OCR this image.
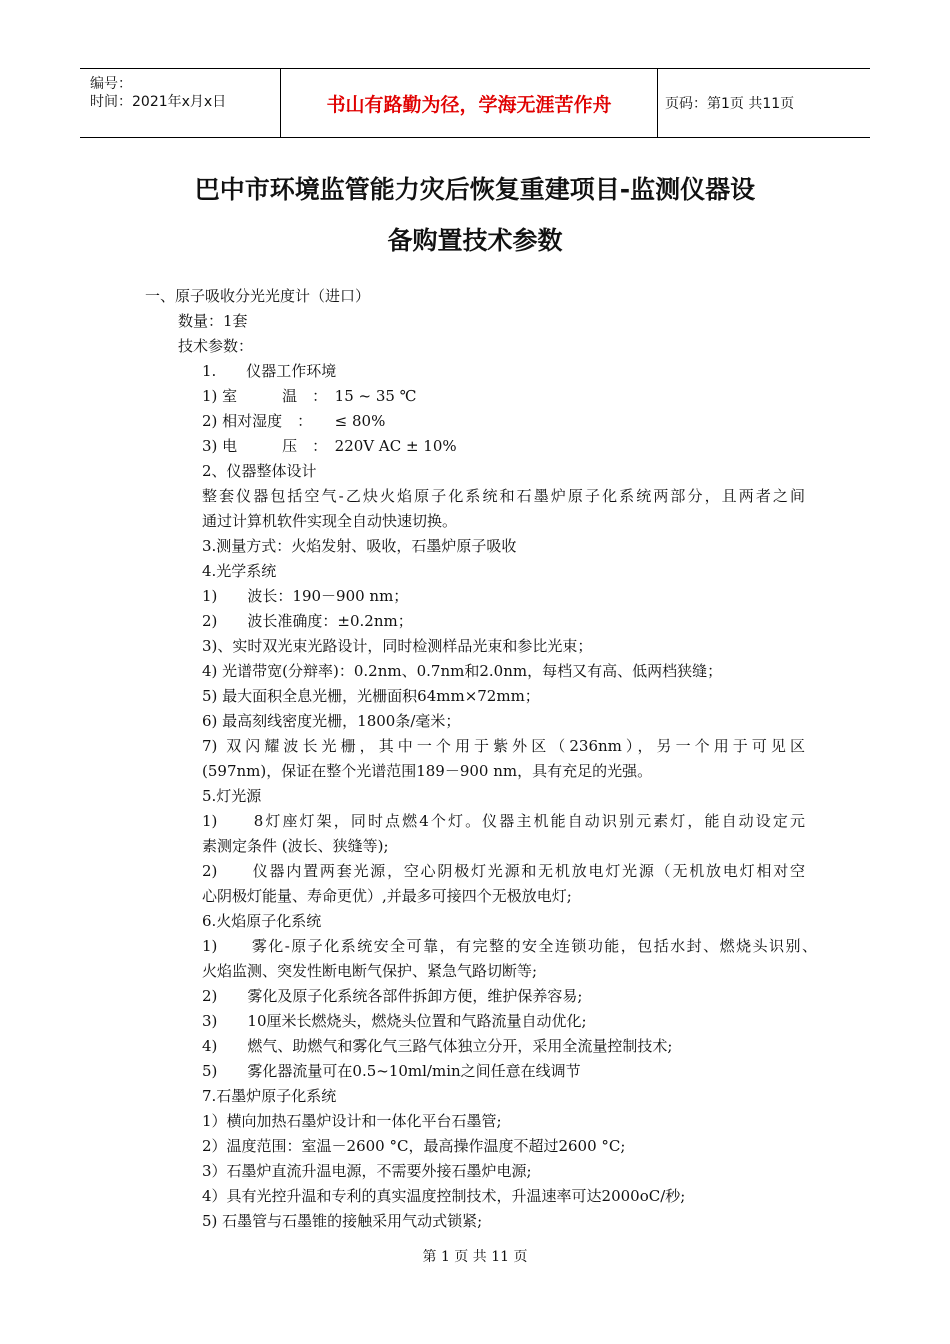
编号：
时间：2021年x月x日	书山有路勤为径，学海无涯苦作舟	页码：第1页 共11页
巴中市环境监管能力灾后恢复重建项目-监测仪器设
备购置技术参数
一、原子吸收分光光度计（进口）
数量：1套
技术参数：
1.　　仪器工作环境
1) 室　　　温　：　15 ~ 35 ℃
2) 相对湿度　：　　≤ 80%
3) 电　　　压　：　220V AC ± 10%
2、仪器整体设计
整套仪器包括空气-乙炔火焰原子化系统和石墨炉原子化系统两部分，且两者之间
通过计算机软件实现全自动快速切换。
3.测量方式：火焰发射、吸收，石墨炉原子吸收
4.光学系统
1)　　波长：190－900 nm；
2)　　波长准确度：±0.2nm；
3)、实时双光束光路设计，同时检测样品光束和参比光束；
4) 光谱带宽(分辩率)：0.2nm、0.7nm和2.0nm，每档又有高、低两档狭缝；
5) 最大面积全息光栅，光栅面积64mm×72mm；
6) 最高刻线密度光栅，1800条/毫米；
7) 双闪耀波长光栅，其中一个用于紫外区（236nm），另一个用于可见区
(597nm)，保证在整个光谱范围189－900 nm，具有充足的光强。
5.灯光源
1)　　8灯座灯架，同时点燃4个灯。仪器主机能自动识别元素灯，能自动设定元
素测定条件 (波长、狭缝等);
2)　　仪器内置两套光源，空心阴极灯光源和无机放电灯光源（无机放电灯相对空
心阴极灯能量、寿命更优）,并最多可接四个无极放电灯;
6.火焰原子化系统
1)　　雾化-原子化系统安全可靠，有完整的安全连锁功能，包括水封、燃烧头识别、
火焰监测、突发性断电断气保护、紧急气路切断等;
2)　　雾化及原子化系统各部件拆卸方便，维护保养容易;
3)　　10厘米长燃烧头，燃烧头位置和气路流量自动优化;
4)　　燃气、助燃气和雾化气三路气体独立分开，采用全流量控制技术;
5)　　雾化器流量可在0.5~10ml/min之间任意在线调节
7.石墨炉原子化系统
1）横向加热石墨炉设计和一体化平台石墨管;
2）温度范围：室温－2600 °C，最高操作温度不超过2600 °C;
3）石墨炉直流升温电源，不需要外接石墨炉电源;
4）具有光控升温和专利的真实温度控制技术，升温速率可达2000oC/秒;
5) 石墨管与石墨锥的接触采用气动式锁紧;
第 1 页 共 11 页
